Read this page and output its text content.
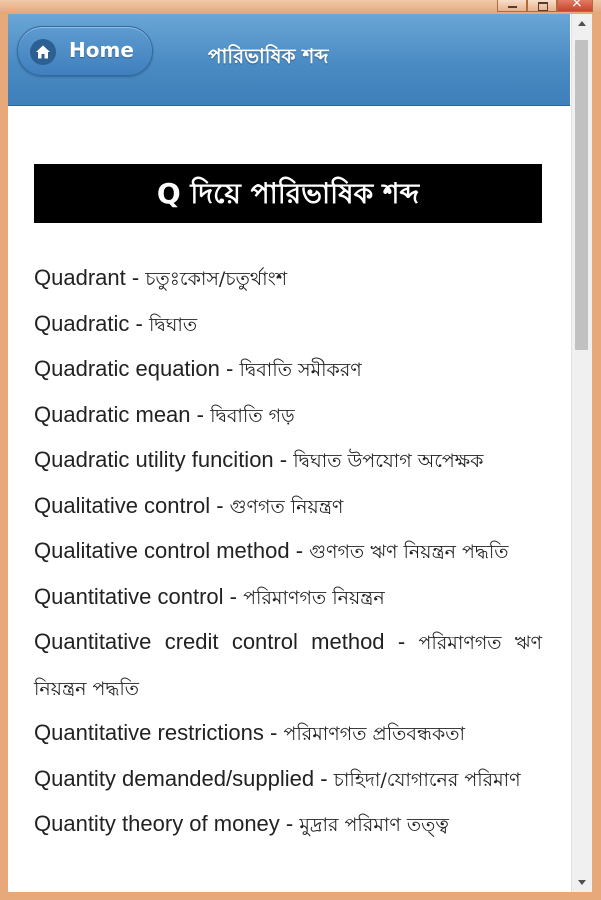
×
Home	পারিভাষিক শব্দ
Q দিয়ে পারিভাষিক শব্দ
Quadrant - চতুঃকোস/চতুর্থাংশ
Quadratic - দ্বিঘাত
Quadratic equation - দ্বিবাতি সমীকরণ
Quadratic mean - দ্বিবাতি গড়
Quadratic utility funcition - দ্বিঘাত উপযোগ অপেক্ষক
Qualitative control - গুণগত নিয়ন্ত্রণ
Qualitative control method - গুণগত ঋণ নিয়ন্ত্রন পদ্ধতি
Quantitative control - পরিমাণগত নিয়ন্ত্রন
Quantitative credit control method - পরিমাণগত ঋণ নিয়ন্ত্রন পদ্ধতি
Quantitative restrictions - পরিমাণগত প্রতিবন্ধকতা
Quantity demanded/supplied - চাহিদা/যোগানের পরিমাণ
Quantity theory of money - মুদ্রার পরিমাণ তত্ত্ব
